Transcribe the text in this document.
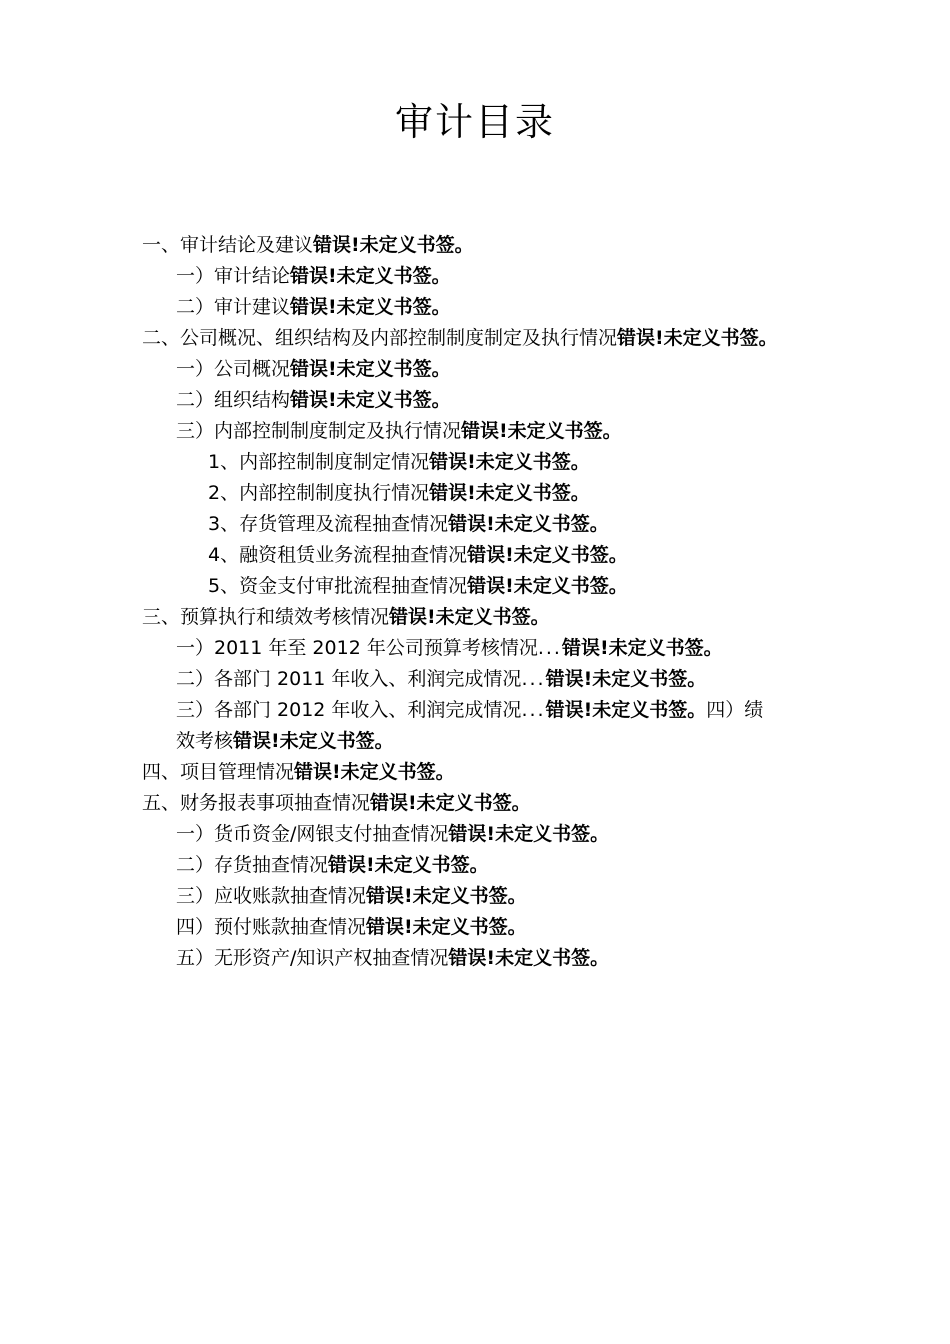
审计目录
一、审计结论及建议错误!未定义书签。
一）审计结论错误!未定义书签。
二）审计建议错误!未定义书签。
二、公司概况、组织结构及内部控制制度制定及执行情况错误!未定义书签。
一）公司概况错误!未定义书签。
二）组织结构错误!未定义书签。
三）内部控制制度制定及执行情况错误!未定义书签。
1、内部控制制度制定情况错误!未定义书签。
2、内部控制制度执行情况错误!未定义书签。
3、存货管理及流程抽查情况错误!未定义书签。
4、融资租赁业务流程抽查情况错误!未定义书签。
5、资金支付审批流程抽查情况错误!未定义书签。
三、预算执行和绩效考核情况错误!未定义书签。
一）2011 年至 2012 年公司预算考核情况...错误!未定义书签。
二）各部门 2011 年收入、利润完成情况...错误!未定义书签。
三）各部门 2012 年收入、利润完成情况...错误!未定义书签。四）绩
效考核错误!未定义书签。
四、项目管理情况错误!未定义书签。
五、财务报表事项抽查情况错误!未定义书签。
一）货币资金/网银支付抽查情况错误!未定义书签。
二）存货抽查情况错误!未定义书签。
三）应收账款抽查情况错误!未定义书签。
四）预付账款抽查情况错误!未定义书签。
五）无形资产/知识产权抽查情况错误!未定义书签。
